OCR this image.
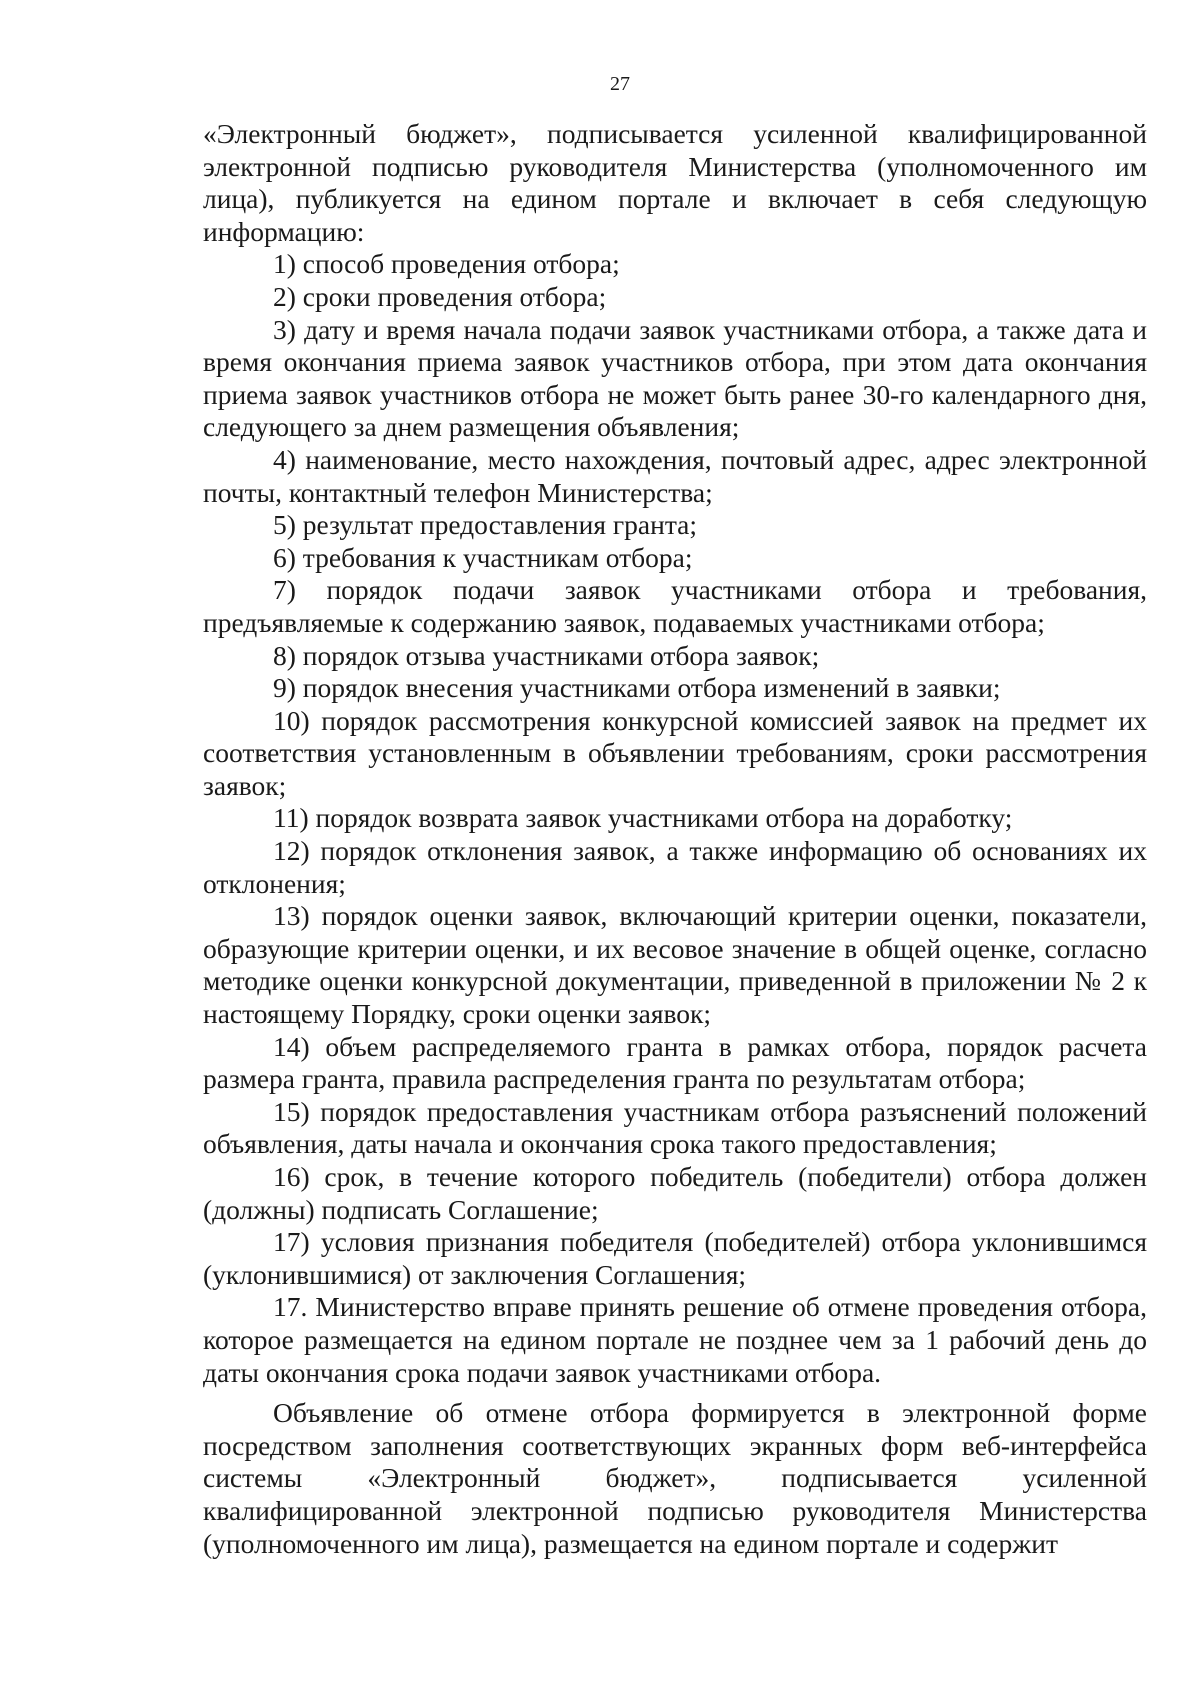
27

«Электронный бюджет», подписывается усиленной квалифицированной электронной подписью руководителя Министерства (уполномоченного им лица), публикуется на едином портале и включает в себя следующую информацию:

1) способ проведения отбора;

2) сроки проведения отбора;

3) дату и время начала подачи заявок участниками отбора, а также дата и время окончания приема заявок участников отбора, при этом дата окончания приема заявок участников отбора не может быть ранее 30-го календарного дня, следующего за днем размещения объявления;

4) наименование, место нахождения, почтовый адрес, адрес электронной почты, контактный телефон Министерства;

5) результат предоставления гранта;

6) требования к участникам отбора;

7) порядок подачи заявок участниками отбора и требования, предъявляемые к содержанию заявок, подаваемых участниками отбора;

8) порядок отзыва участниками отбора заявок;

9) порядок внесения участниками отбора изменений в заявки;

10) порядок рассмотрения конкурсной комиссией заявок на предмет их соответствия установленным в объявлении требованиям, сроки рассмотрения заявок;

11) порядок возврата заявок участниками отбора на доработку;

12) порядок отклонения заявок, а также информацию об основаниях их отклонения;

13) порядок оценки заявок, включающий критерии оценки, показатели, образующие критерии оценки, и их весовое значение в общей оценке, согласно методике оценки конкурсной документации, приведенной в приложении № 2 к настоящему Порядку, сроки оценки заявок;

14) объем распределяемого гранта в рамках отбора, порядок расчета размера гранта, правила распределения гранта по результатам отбора;

15) порядок предоставления участникам отбора разъяснений положений объявления, даты начала и окончания срока такого предоставления;

16) срок, в течение которого победитель (победители) отбора должен (должны) подписать Соглашение;

17) условия признания победителя (победителей) отбора уклонившимся (уклонившимися) от заключения Соглашения;

17. Министерство вправе принять решение об отмене проведения отбора, которое размещается на едином портале не позднее чем за 1 рабочий день до даты окончания срока подачи заявок участниками отбора.

Объявление об отмене отбора формируется в электронной форме посредством заполнения соответствующих экранных форм веб-интерфейса системы «Электронный бюджет», подписывается усиленной квалифицированной электронной подписью руководителя Министерства (уполномоченного им лица), размещается на едином портале и содержит
